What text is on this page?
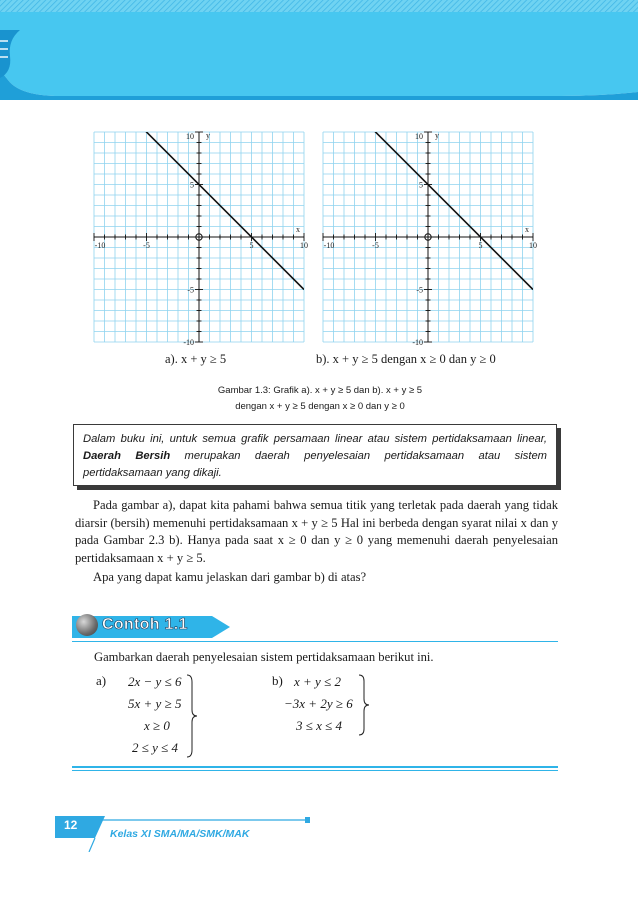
-10	-5	5	10
10
5
-5
-10
x
y
-10	-5	5	10
10
5
-5
-10
x
y
a). x + y ≥ 5	b). x + y ≥ 5 dengan x ≥ 0 dan y ≥ 0
Gambar 1.3: Grafik a). x + y ≥ 5 dan b). x + y ≥ 5
dengan x + y ≥ 5 dengan x ≥ 0 dan y ≥ 0
Dalam buku ini, untuk semua grafik persamaan linear atau sistem pertidaksamaan linear, Daerah Bersih merupakan daerah penyelesaian pertidaksamaan atau sistem pertidaksamaan yang dikaji.
Pada gambar a), dapat kita pahami bahwa semua titik yang terletak pada daerah yang tidak diarsir (bersih) memenuhi pertidaksamaan x + y ≥ 5 Hal ini berbeda dengan syarat nilai x dan y pada Gambar 2.3 b). Hanya pada saat x ≥ 0 dan y ≥ 0 yang memenuhi daerah penyelesaian pertidaksamaan x + y ≥ 5.
Apa yang dapat kamu jelaskan dari gambar b) di atas?
Contoh 1.1
Gambarkan daerah penyelesaian sistem pertidaksamaan berikut ini.
a) 2x − y ≤ 6
5x + y ≥ 5
x ≥ 0
2 ≤ y ≤ 4
b) x + y ≤ 2
−3x + 2y ≥ 6
3 ≤ x ≤ 4
12
Kelas XI SMA/MA/SMK/MAK
